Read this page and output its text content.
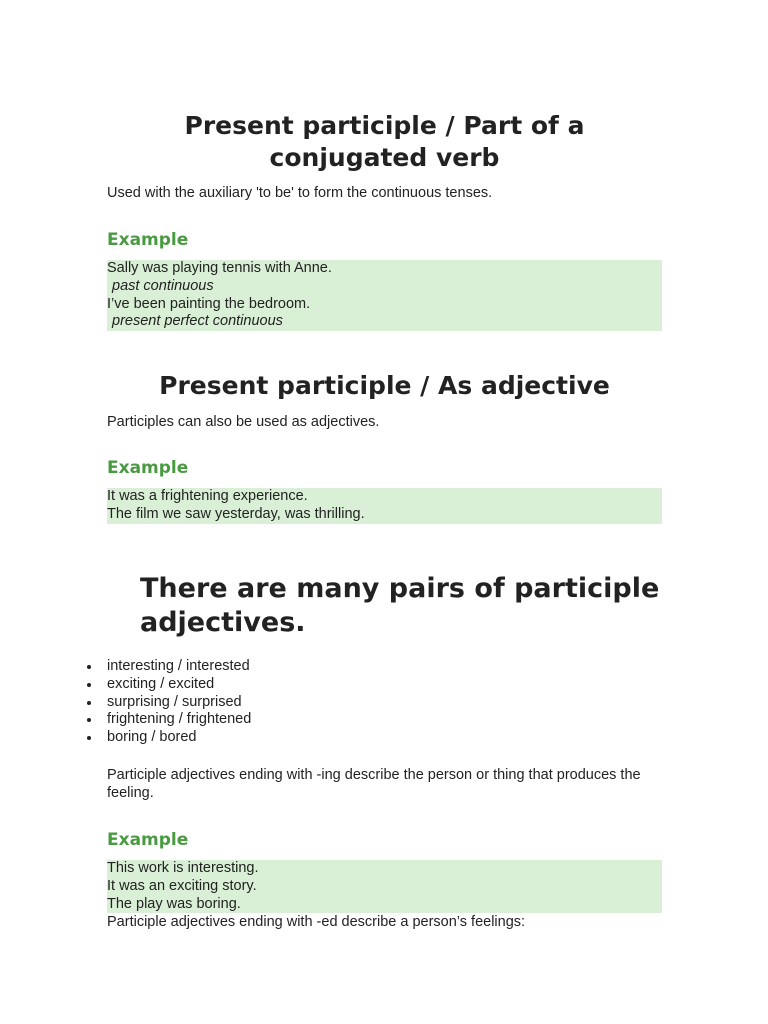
Present participle / Part of a conjugated verb

Used with the auxiliary 'to be' to form the continuous tenses.

Example
Sally was playing tennis with Anne.
past continuous
I’ve been painting the bedroom.
present perfect continuous
Present participle / As adjective

Participles can also be used as adjectives.

Example
It was a frightening experience.
The film we saw yesterday, was thrilling.
There are many pairs of participle adjectives.
interesting / interested
exciting / excited
surprising / surprised
frightening / frightened
boring / bored

Participle adjectives ending with -ing describe the person or thing that produces the feeling.

Example
This work is interesting.
It was an exciting story.
The play was boring.

Participle adjectives ending with -ed describe a person’s feelings:
